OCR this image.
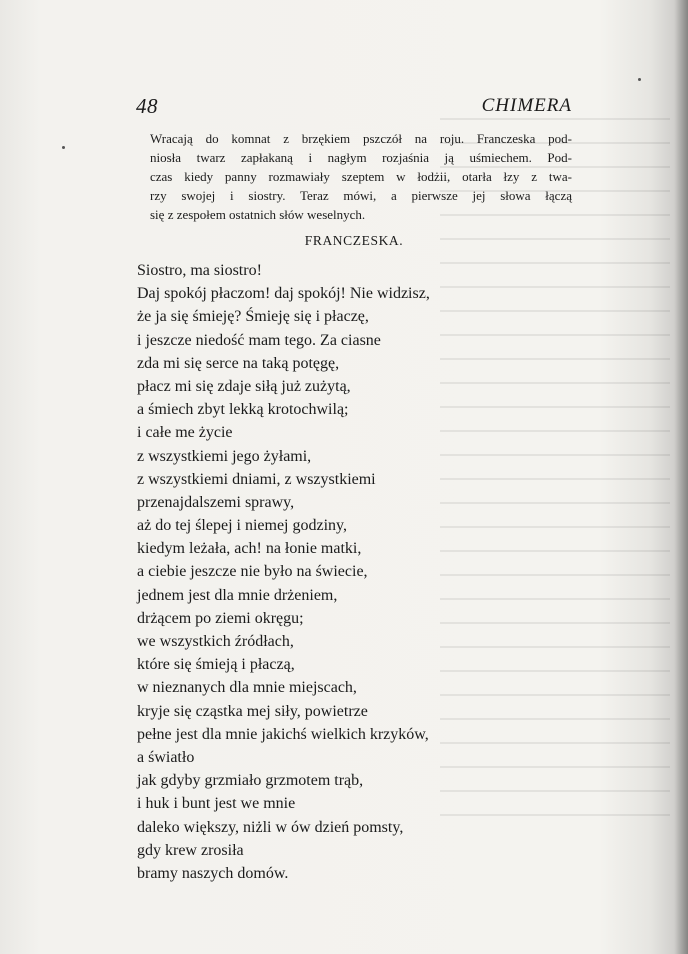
48	CHIMERA
Wracają do komnat z brzękiem pszczół na roju. Franczeska pod-
niosła twarz zapłakaną i nagłym rozjaśnia ją uśmiechem. Pod-
czas kiedy panny rozmawiały szeptem w łodżii, otarła łzy z twa-
rzy swojej i siostry. Teraz mówi, a pierwsze jej słowa łączą
się z zespołem ostatnich słów weselnych.
FRANCZESKA.
Siostro, ma siostro!
Daj spokój płaczom! daj spokój! Nie widzisz,
że ja się śmieję? Śmieję się i płaczę,
i jeszcze niedość mam tego. Za ciasne
zda mi się serce na taką potęgę,
płacz mi się zdaje siłą już zużytą,
a śmiech zbyt lekką krotochwilą;
i całe me życie
z wszystkiemi jego żyłami,
z wszystkiemi dniami, z wszystkiemi
przenajdalszemi sprawy,
aż do tej ślepej i niemej godziny,
kiedym leżała, ach! na łonie matki,
a ciebie jeszcze nie było na świecie,
jednem jest dla mnie drżeniem,
drżącem po ziemi okręgu;
we wszystkich źródłach,
które się śmieją i płaczą,
w nieznanych dla mnie miejscach,
kryje się cząstka mej siły, powietrze
pełne jest dla mnie jakichś wielkich krzyków,
a światło
jak gdyby grzmiało grzmotem trąb,
i huk i bunt jest we mnie
daleko większy, niżli w ów dzień pomsty,
gdy krew zrosiła
bramy naszych domów.
